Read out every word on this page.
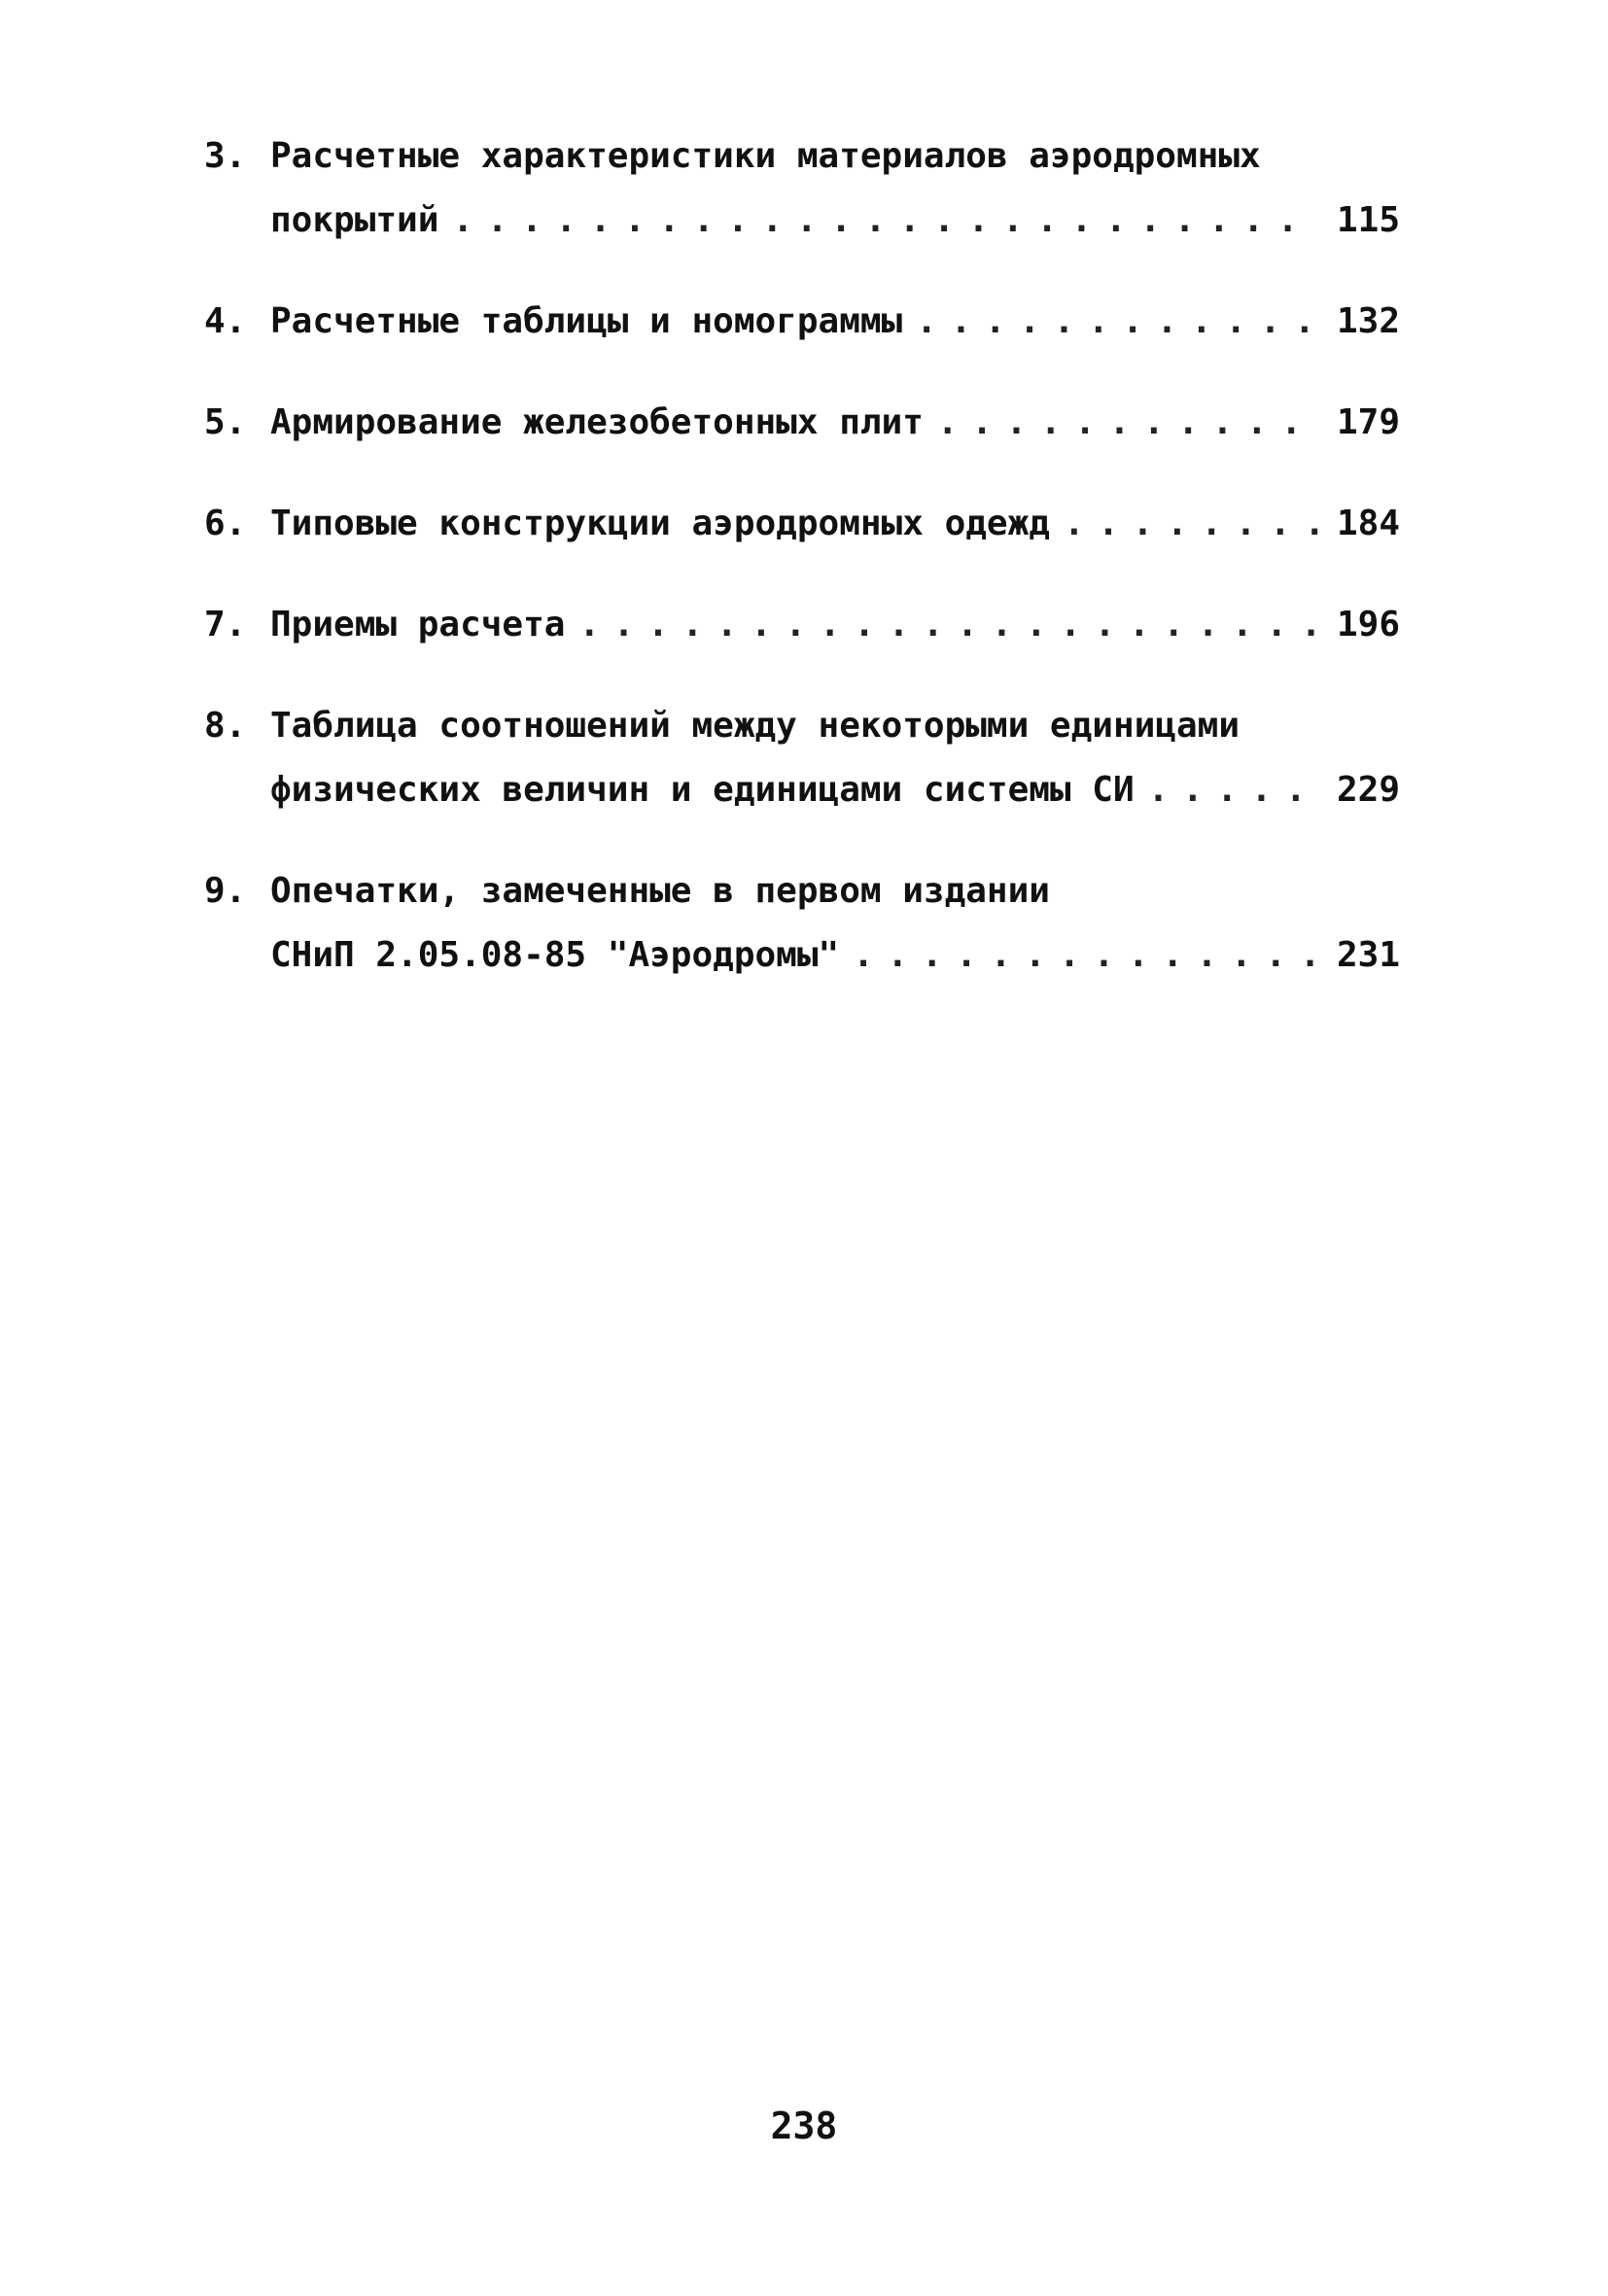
3. Расчетные характеристики материалов аэродромных
покрытий . . .	115
4. Расчетные таблицы и номограммы . . .	132
5. Армирование железобетонных плит . . .	179
6. Типовые конструкции аэродромных одежд . . .	184
7. Приемы расчета . . .	196
8. Таблица соотношений между некоторыми единицами
физических величин и единицами системы СИ . . .	229
9. Опечатки, замеченные в первом издании
СНиП 2.05.08-85 "Аэродромы" . . .	231
238
